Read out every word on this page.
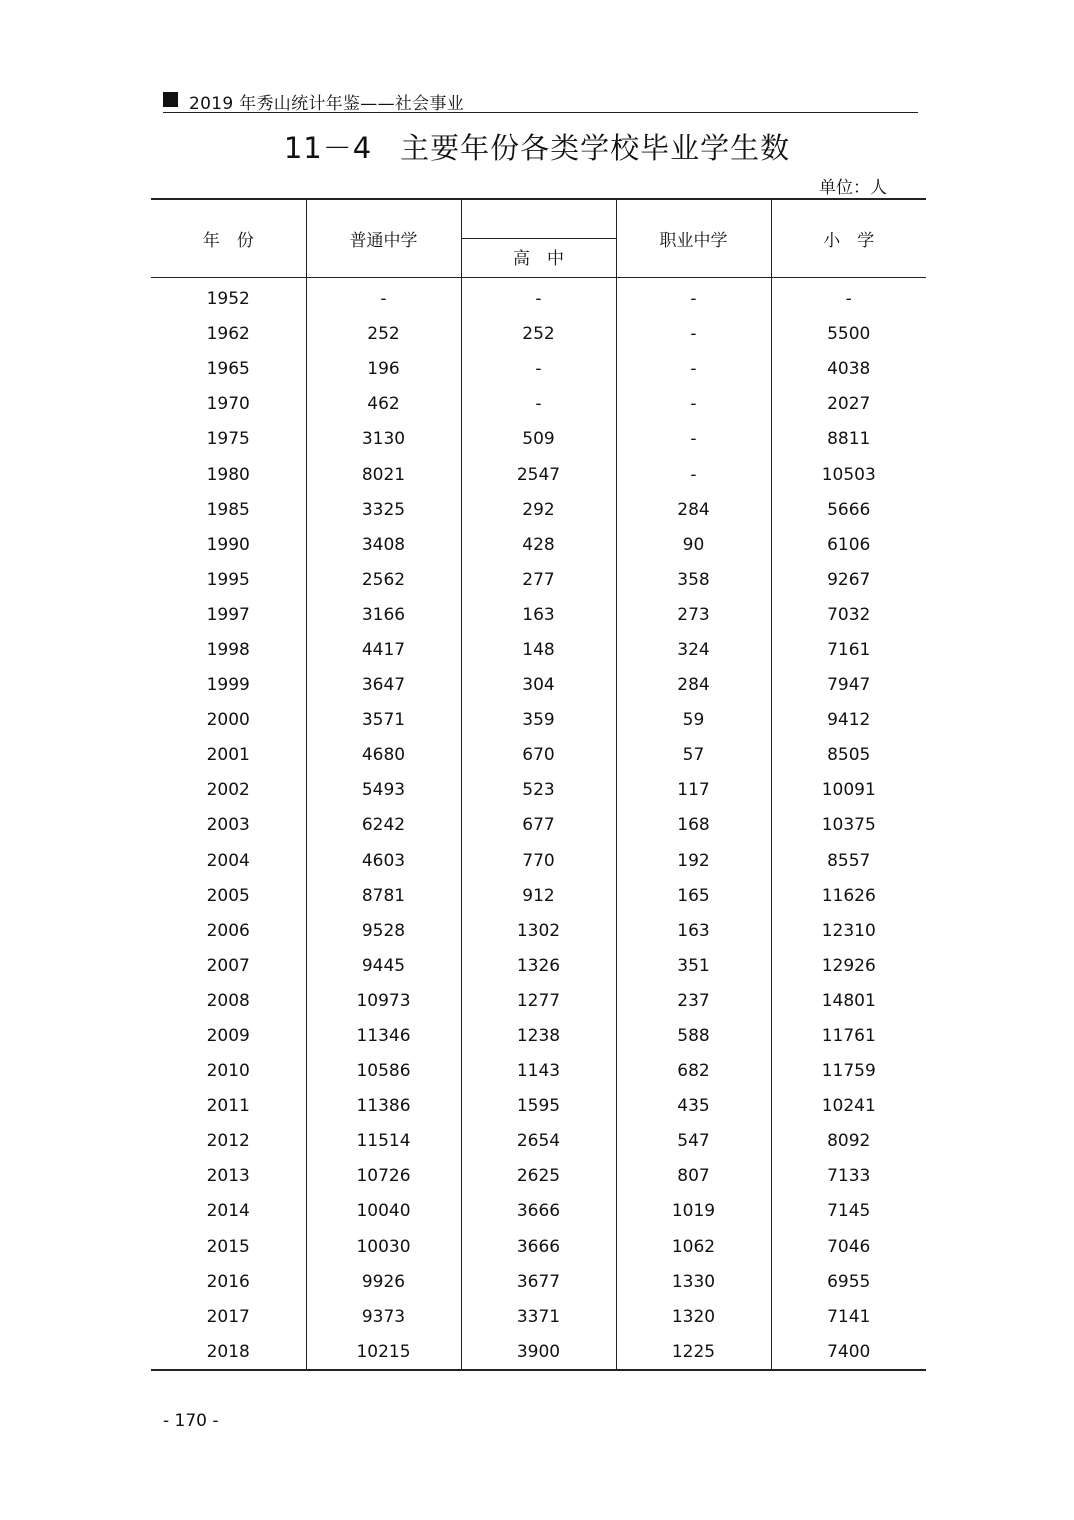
2019 年秀山统计年鉴——社会事业
11－4 主要年份各类学校毕业学生数
单位：人
年　份	普通中学		职业中学	小　学
		高　中		
1952	-	-	-	-
1962	252	252	-	5500
1965	196	-	-	4038
1970	462	-	-	2027
1975	3130	509	-	8811
1980	8021	2547	-	10503
1985	3325	292	284	5666
1990	3408	428	90	6106
1995	2562	277	358	9267
1997	3166	163	273	7032
1998	4417	148	324	7161
1999	3647	304	284	7947
2000	3571	359	59	9412
2001	4680	670	57	8505
2002	5493	523	117	10091
2003	6242	677	168	10375
2004	4603	770	192	8557
2005	8781	912	165	11626
2006	9528	1302	163	12310
2007	9445	1326	351	12926
2008	10973	1277	237	14801
2009	11346	1238	588	11761
2010	10586	1143	682	11759
2011	11386	1595	435	10241
2012	11514	2654	547	8092
2013	10726	2625	807	7133
2014	10040	3666	1019	7145
2015	10030	3666	1062	7046
2016	9926	3677	1330	6955
2017	9373	3371	1320	7141
2018	10215	3900	1225	7400
- 170 -
